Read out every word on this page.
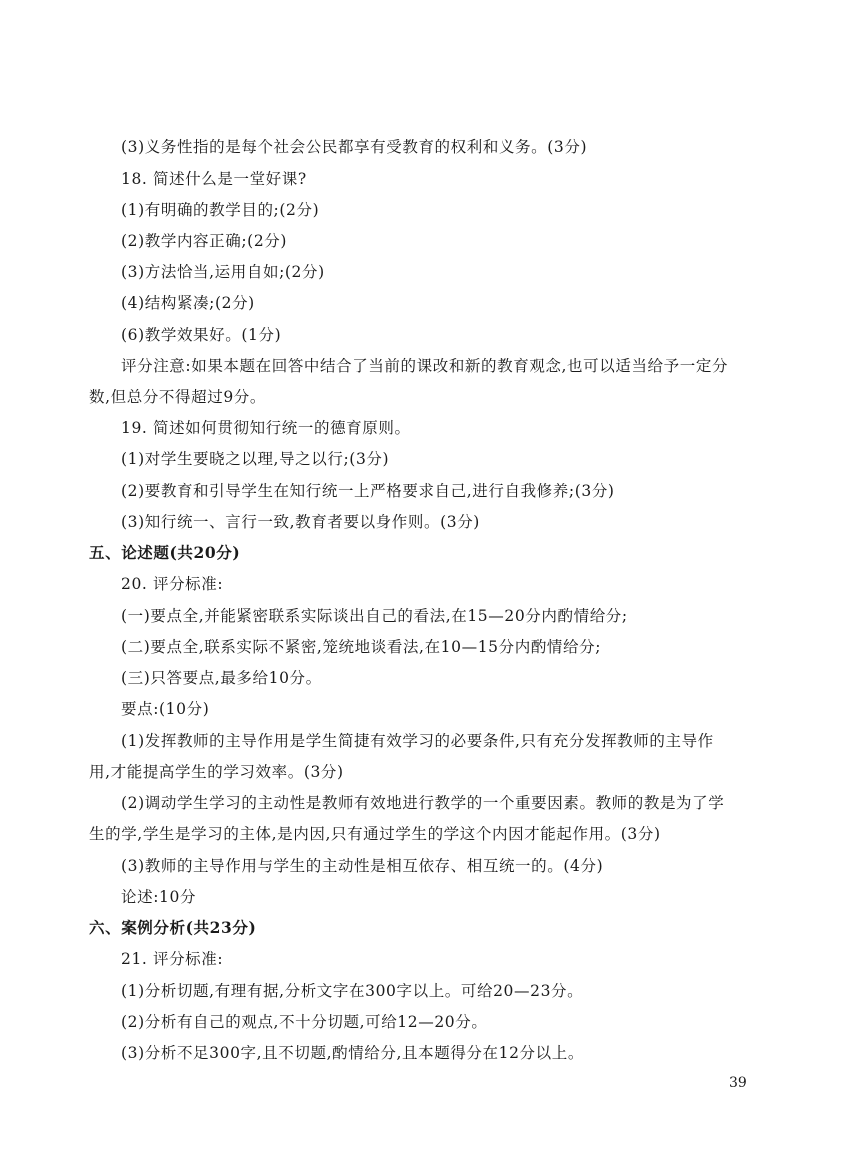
(3)义务性指的是每个社会公民都享有受教育的权利和义务。(3分)
18. 简述什么是一堂好课?
(1)有明确的教学目的;(2分)
(2)教学内容正确;(2分)
(3)方法恰当,运用自如;(2分)
(4)结构紧凑;(2分)
(6)教学效果好。(1分)
评分注意:如果本题在回答中结合了当前的课改和新的教育观念,也可以适当给予一定分
数,但总分不得超过9分。
19. 简述如何贯彻知行统一的德育原则。
(1)对学生要晓之以理,导之以行;(3分)
(2)要教育和引导学生在知行统一上严格要求自己,进行自我修养;(3分)
(3)知行统一、言行一致,教育者要以身作则。(3分)
五、论述题(共20分)
20. 评分标准:
(一)要点全,并能紧密联系实际谈出自己的看法,在15—20分内酌情给分;
(二)要点全,联系实际不紧密,笼统地谈看法,在10—15分内酌情给分;
(三)只答要点,最多给10分。
要点:(10分)
(1)发挥教师的主导作用是学生简捷有效学习的必要条件,只有充分发挥教师的主导作
用,才能提高学生的学习效率。(3分)
(2)调动学生学习的主动性是教师有效地进行教学的一个重要因素。教师的教是为了学
生的学,学生是学习的主体,是内因,只有通过学生的学这个内因才能起作用。(3分)
(3)教师的主导作用与学生的主动性是相互依存、相互统一的。(4分)
论述:10分
六、案例分析(共23分)
21. 评分标准:
(1)分析切题,有理有据,分析文字在300字以上。可给20—23分。
(2)分析有自己的观点,不十分切题,可给12—20分。
(3)分析不足300字,且不切题,酌情给分,且本题得分在12分以上。
39
